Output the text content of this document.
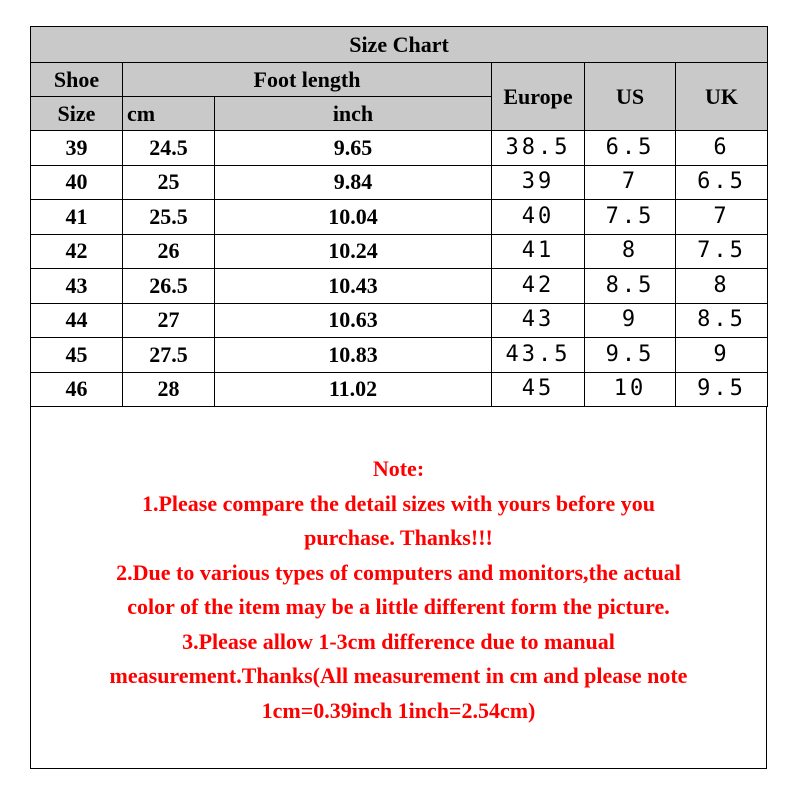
Size Chart					
Shoe	Foot length		Europe	US	UK
Size	cm	inch			
39	24.5	9.65	38.5	6.5	6
40	25	9.84	39	7	6.5
41	25.5	10.04	40	7.5	7
42	26	10.24	41	8	7.5
43	26.5	10.43	42	8.5	8
44	27	10.63	43	9	8.5
45	27.5	10.83	43.5	9.5	9
46	28	11.02	45	10	9.5
Note:
1.Please compare the detail sizes with yours before you
purchase. Thanks!!!
2.Due to various types of computers and monitors,the actual
color of the item may be a little different form the picture.
3.Please allow 1-3cm difference due to manual
measurement.Thanks(All measurement in cm and please note
1cm=0.39inch 1inch=2.54cm)
